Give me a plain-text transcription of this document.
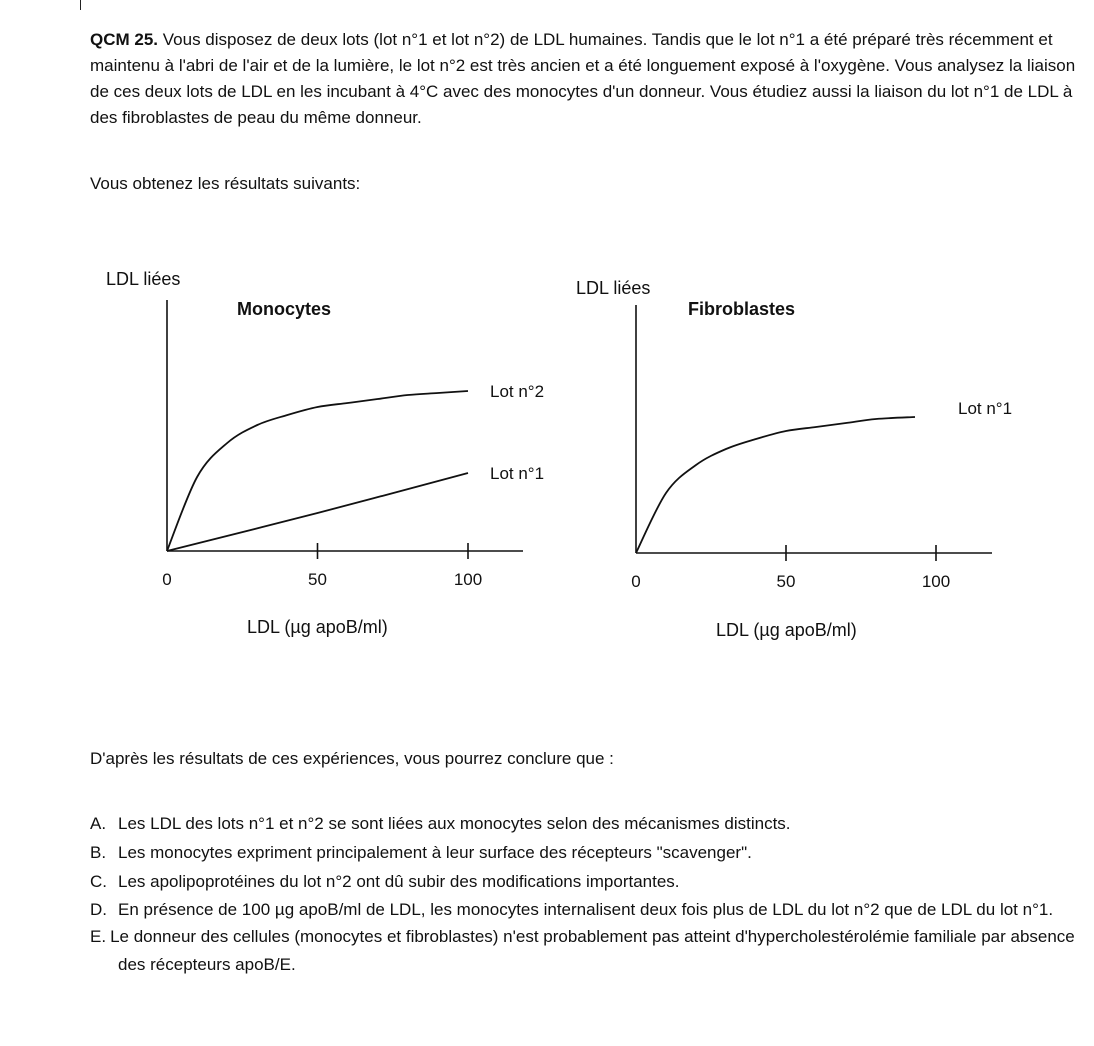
QCM 25. Vous disposez de deux lots (lot n°1 et lot n°2) de LDL humaines. Tandis que le lot n°1 a été préparé très récemment et maintenu à l'abri de l'air et de la lumière, le lot n°2 est très ancien et a été longuement exposé à l'oxygène. Vous analysez la liaison de ces deux lots de LDL en les incubant à 4°C avec des monocytes d'un donneur. Vous étudiez aussi la liaison du lot n°1 de LDL à des fibroblastes de peau du même donneur.

Vous obtenez les résultats suivants:

LDL liées
Monocytes
0	50	100
LDL (µg apoB/ml)
Lot n°2
Lot n°1
LDL liées
Fibroblastes
0	50	100
LDL (µg apoB/ml)
Lot n°1

D'après les résultats de ces expériences, vous pourrez conclure que :

A. Les LDL des lots n°1 et n°2 se sont liées aux monocytes selon des mécanismes distincts.
B. Les monocytes expriment principalement à leur surface des récepteurs "scavenger".
C. Les apolipoprotéines du lot n°2 ont dû subir des modifications importantes.
D. En présence de 100 µg apoB/ml de LDL, les monocytes internalisent deux fois plus de LDL du lot n°2 que de LDL du lot n°1.
E. Le donneur des cellules (monocytes et fibroblastes) n'est probablement pas atteint d'hypercholestérolémie familiale par absence des récepteurs apoB/E.
